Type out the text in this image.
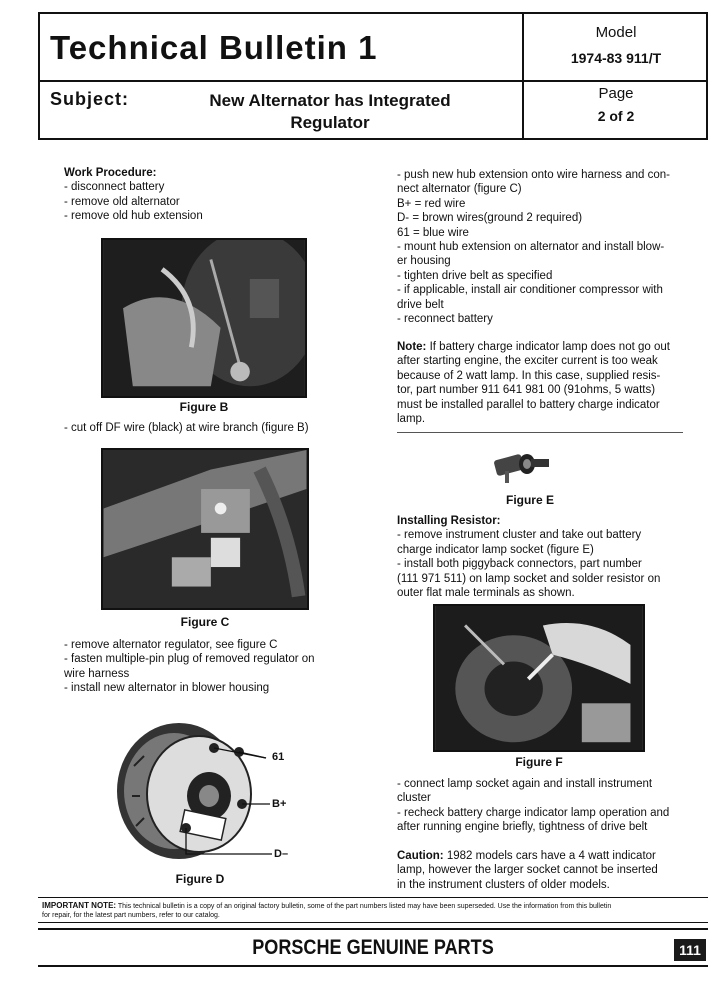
Technical Bulletin 1
Subject:	New Alternator has Integrated
Regulator
Model
1974-83 911/T
Page
2 of 2
Work Procedure:
- disconnect battery
- remove old alternator
- remove old hub extension
Figure B
- cut off DF wire (black) at wire branch (figure B)
Figure C
- remove alternator regulator, see figure C
- fasten multiple-pin plug of removed regulator on
wire harness
- install new alternator in blower housing
61
B+
D–
Figure D
- push new hub extension onto wire harness and con-
nect alternator (figure C)
B+ = red wire
D- = brown wires(ground 2 required)
61 = blue wire
- mount hub extension on alternator and install blow-
er housing
- tighten drive belt as specified
- if applicable, install air conditioner compressor with
drive belt
- reconnect battery
Note: If battery charge indicator lamp does not go out
after starting engine, the exciter current is too weak
because of 2 watt lamp. In this case, supplied resis-
tor, part number 911 641 981 00 (91ohms, 5 watts)
must be installed parallel to battery charge indicator
lamp.
Figure E
Installing Resistor:
- remove instrument cluster and take out battery
charge indicator lamp socket (figure E)
- install both piggyback connectors, part number
(111 971 511) on lamp socket and solder resistor on
outer flat male terminals as shown.
Figure F
- connect lamp socket again and install instrument
cluster
- recheck battery charge indicator lamp operation and
after running engine briefly, tightness of drive belt
Caution: 1982 models cars have a 4 watt indicator
lamp, however the larger socket cannot be inserted
in the instrument clusters of older models.
IMPORTANT NOTE: This technical bulletin is a copy of an original factory bulletin, some of the part numbers listed may have been superseded. Use the information from this bulletin
for repair, for the latest part numbers, refer to our catalog.
PORSCHE GENUINE PARTS	111
